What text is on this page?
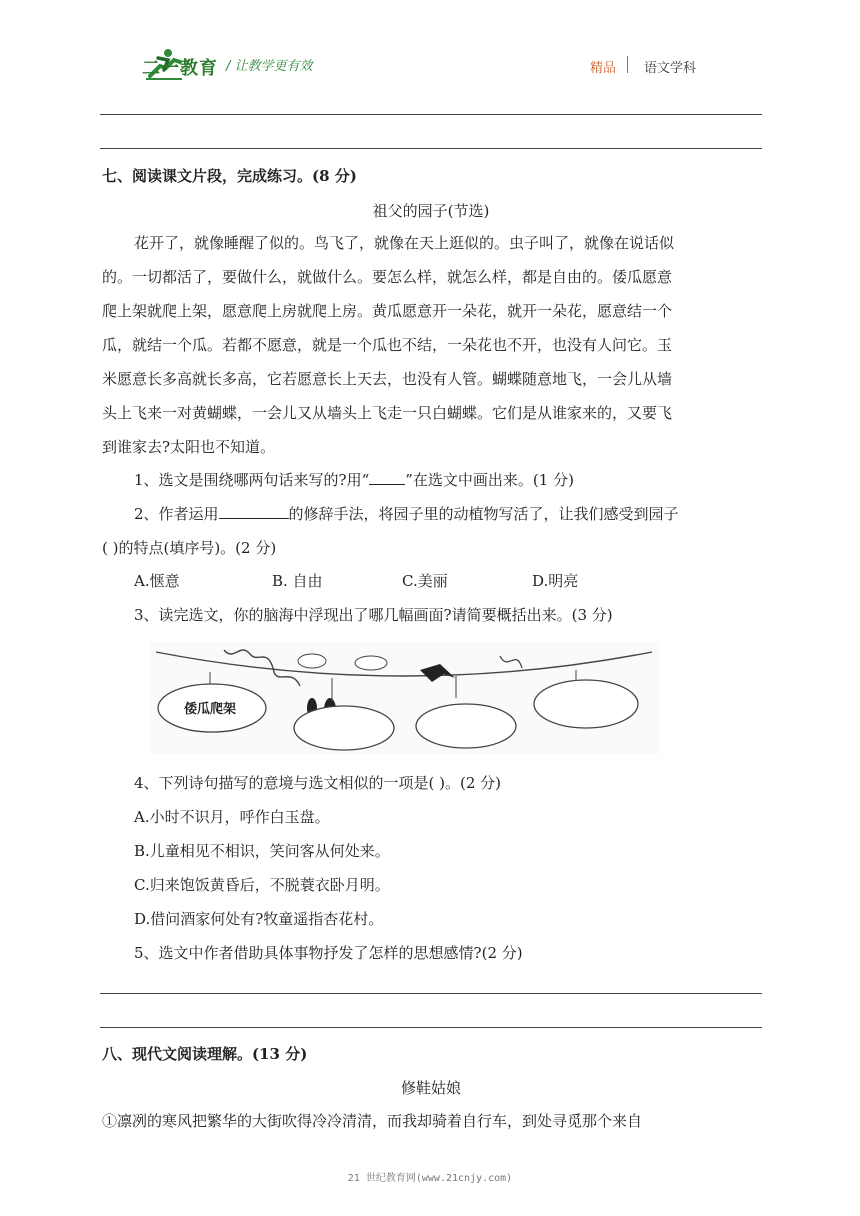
二一教育 / 让教学更有效	精品 语文学科
七、阅读课文片段，完成练习。(8 分)
祖父的园子(节选)
花开了，就像睡醒了似的。鸟飞了，就像在天上逛似的。虫子叫了，就像在说话似
的。一切都活了，要做什么，就做什么。要怎么样，就怎么样，都是自由的。倭瓜愿意
爬上架就爬上架，愿意爬上房就爬上房。黄瓜愿意开一朵花，就开一朵花，愿意结一个
瓜，就结一个瓜。若都不愿意，就是一个瓜也不结，一朵花也不开，也没有人问它。玉
米愿意长多高就长多高，它若愿意长上天去，也没有人管。蝴蝶随意地飞，一会儿从墙
头上飞来一对黄蝴蝶，一会儿又从墙头上飞走一只白蝴蝶。它们是从谁家来的，又要飞
到谁家去?太阳也不知道。
1、选文是围绕哪两句话来写的?用“ ”在选文中画出来。(1 分)
2、作者运用	的修辞手法，将园子里的动植物写活了，让我们感受到园子
( )的特点(填序号)。(2 分)
A.惬意	B. 自由	C.美丽	D.明亮
3、读完选文，你的脑海中浮现出了哪几幅画面?请简要概括出来。(3 分)
倭瓜爬架
4、下列诗句描写的意境与选文相似的一项是( )。(2 分)
A.小时不识月，呼作白玉盘。
B.儿童相见不相识，笑问客从何处来。
C.归来饱饭黄昏后，不脱蓑衣卧月明。
D.借问酒家何处有?牧童遥指杏花村。
5、选文中作者借助具体事物抒发了怎样的思想感情?(2 分)
八、现代文阅读理解。(13 分)
修鞋姑娘
①凛冽的寒风把繁华的大街吹得冷冷清清，而我却骑着自行车，到处寻觅那个来自
21 世纪教育网(www.21cnjy.com)
